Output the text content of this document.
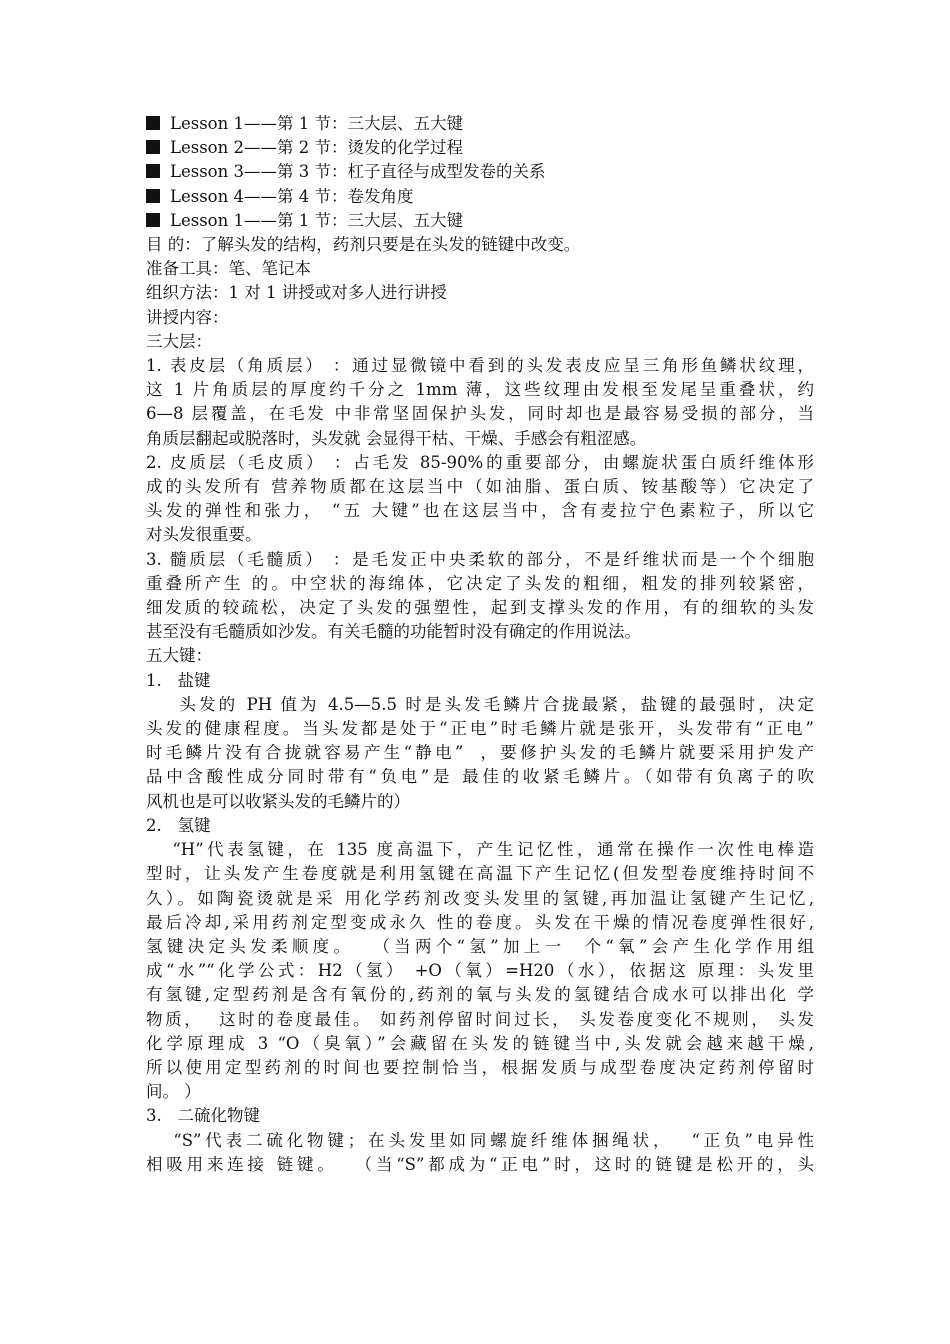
Lesson 1——第 1 节：三大层、五大键
Lesson 2——第 2 节：烫发的化学过程
Lesson 3——第 3 节：杠子直径与成型发卷的关系
Lesson 4——第 4 节：卷发角度
Lesson 1——第 1 节：三大层、五大键
目 的：了解头发的结构，药剂只要是在头发的链键中改变。
准备工具：笔、笔记本
组织方法：1 对 1 讲授或对多人进行讲授
讲授内容：
三大层：
1. 表皮层（角质层） ：通过显微镜中看到的头发表皮应呈三角形鱼鳞状纹理，
这 1 片角质层的厚度约千分之 1mm 薄，这些纹理由发根至发尾呈重叠状，约
6—8 层覆盖，在毛发 中非常坚固保护头发，同时却也是最容易受损的部分，当
角质层翻起或脱落时，头发就 会显得干枯、干燥、手感会有粗涩感。
2. 皮质层（毛皮质） ：占毛发 85-90%的重要部分，由螺旋状蛋白质纤维体形
成的头发所有 营养物质都在这层当中（如油脂、蛋白质、铵基酸等）它决定了
头发的弹性和张力， “五 大键”也在这层当中，含有麦拉宁色素粒子，所以它
对头发很重要。
3. 髓质层（毛髓质） ：是毛发正中央柔软的部分，不是纤维状而是一个个细胞
重叠所产生 的。中空状的海绵体，它决定了头发的粗细，粗发的排列较紧密，
细发质的较疏松，决定了头发的强塑性，起到支撑头发的作用，有的细软的头发
甚至没有毛髓质如沙发。有关毛髓的功能暂时没有确定的作用说法。
五大键：
1.   盐键
头发的 PH 值为 4.5—5.5 时是头发毛鳞片合拢最紧，盐键的最强时，决定
头发的健康程度。当头发都是处于“正电”时毛鳞片就是张开，头发带有“正电”
时毛鳞片没有合拢就容易产生“静电”  ，要修护头发的毛鳞片就要采用护发产
品中含酸性成分同时带有“负电”是 最佳的收紧毛鳞片。（如带有负离子的吹
风机也是可以收紧头发的毛鳞片的）
2.   氢键
“H”代表氢键，在 135 度高温下，产生记忆性，通常在操作一次性电棒造
型时，让头发产生卷度就是利用氢键在高温下产生记忆(但发型卷度维持时间不
久）。如陶瓷烫就是采 用化学药剂改变头发里的氢键,再加温让氢键产生记忆,
最后冷却,采用药剂定型变成永久 性的卷度。头发在干燥的情况卷度弹性很好,
氢键决定头发柔顺度。  （当两个“氢”加上一  个“氧”会产生化学作用组
成“水”“化学公式：H2（氢） +O（氧）=H20（水），依据这 原理：头发里
有氢键,定型药剂是含有氧份的,药剂的氧与头发的氢键结合成水可以排出化 学
物质，  这时的卷度最佳。 如药剂停留时间过长， 头发卷度变化不规则， 头发
化学原理成 3 “O（臭氧）”会藏留在头发的链键当中,头发就会越来越干燥,
所以使用定型药剂的时间也要控制恰当，根据发质与成型卷度决定药剂停留时
间。 ）
3.   二硫化物键
“S”代表二硫化物键；在头发里如同螺旋纤维体捆绳状，  “正负”电异性
相吸用来连接 链键。  （当“S”都成为“正电”时，这时的链键是松开的，头
